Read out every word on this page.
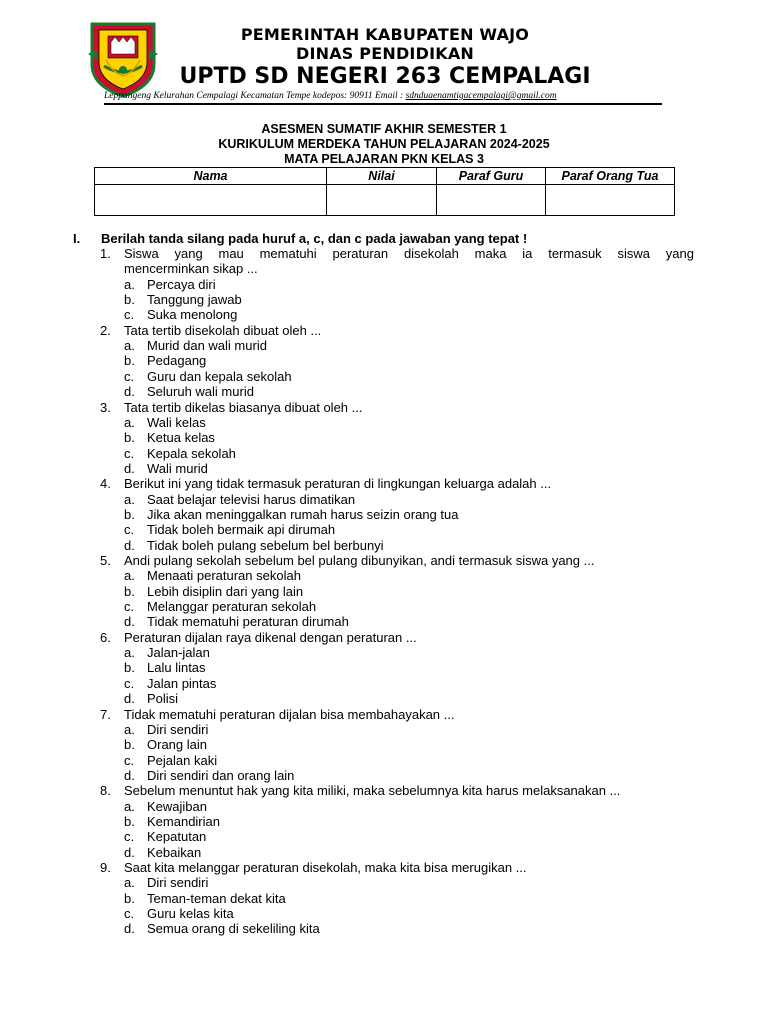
PEMERINTAH KABUPATEN WAJO
DINAS PENDIDIKAN
UPTD SD NEGERI 263 CEMPALAGI
Leppangeng Kelurahan Cempalagi Kecamatan Tempe kodepos: 90911 Email : sdnduaenamtigacempalagi@gmail.com
ASESMEN SUMATIF AKHIR SEMESTER 1
KURIKULUM MERDEKA TAHUN PELAJARAN 2024-2025
MATA PELAJARAN PKN KELAS 3
Nama	Nilai	Paraf Guru	Paraf Orang Tua

I. Berilah tanda silang pada huruf a, c, dan c pada jawaban yang tepat !
1. Siswa yang mau mematuhi peraturan disekolah maka ia termasuk siswa yang
mencerminkan sikap ...
a. Percaya diri
b. Tanggung jawab
c. Suka menolong
2. Tata tertib disekolah dibuat oleh ...
a. Murid dan wali murid
b. Pedagang
c. Guru dan kepala sekolah
d. Seluruh wali murid
3. Tata tertib dikelas biasanya dibuat oleh ...
a. Wali kelas
b. Ketua kelas
c. Kepala sekolah
d. Wali murid
4. Berikut ini yang tidak termasuk peraturan di lingkungan keluarga adalah ...
a. Saat belajar televisi harus dimatikan
b. Jika akan meninggalkan rumah harus seizin orang tua
c. Tidak boleh bermaik api dirumah
d. Tidak boleh pulang sebelum bel berbunyi
5. Andi pulang sekolah sebelum bel pulang dibunyikan, andi termasuk siswa yang ...
a. Menaati peraturan sekolah
b. Lebih disiplin dari yang lain
c. Melanggar peraturan sekolah
d. Tidak mematuhi peraturan dirumah
6. Peraturan dijalan raya dikenal dengan peraturan ...
a. Jalan-jalan
b. Lalu lintas
c. Jalan pintas
d. Polisi
7. Tidak mematuhi peraturan dijalan bisa membahayakan ...
a. Diri sendiri
b. Orang lain
c. Pejalan kaki
d. Diri sendiri dan orang lain
8. Sebelum menuntut hak yang kita miliki, maka sebelumnya kita harus melaksanakan ...
a. Kewajiban
b. Kemandirian
c. Kepatutan
d. Kebaikan
9. Saat kita melanggar peraturan disekolah, maka kita bisa merugikan ...
a. Diri sendiri
b. Teman-teman dekat kita
c. Guru kelas kita
d. Semua orang di sekeliling kita
